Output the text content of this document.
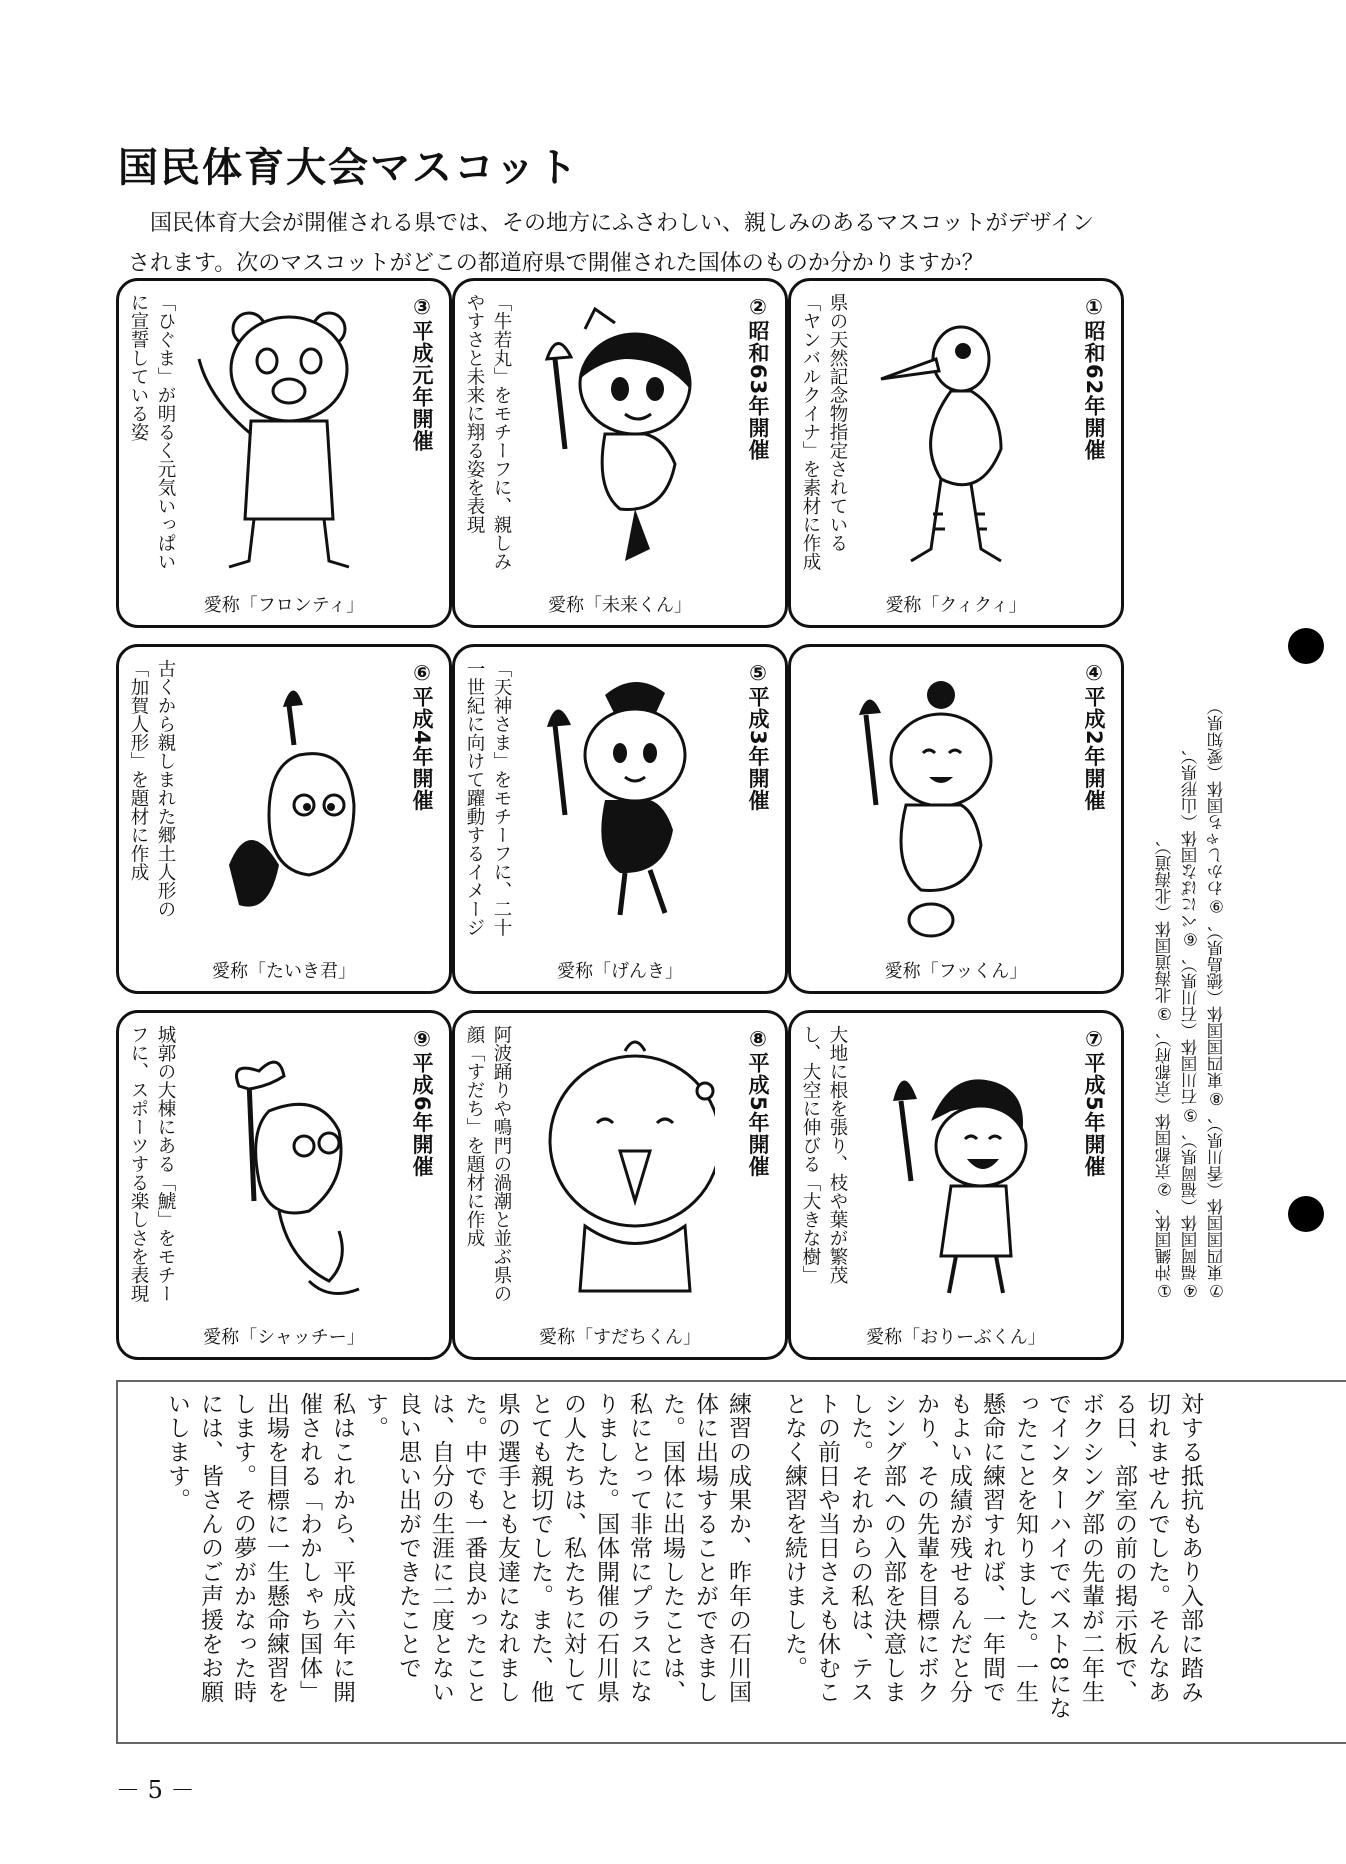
国民体育大会マスコット

国民体育大会が開催される県では、その地方にふさわしい、親しみのあるマスコットがデザイン

されます。次のマスコットがどこの都道府県で開催された国体のものか分かりますか？

①昭和62年開催
県の天然記念物指定されている「ヤンバルクイナ」を素材に作成
愛称「クィクィ」
②昭和63年開催
「牛若丸」をモチーフに、親しみやすさと未来に翔る姿を表現
愛称「未来くん」
③平成元年開催
「ひぐま」が明るく元気いっぱいに宣誓している姿
愛称「フロンティ」
④平成2年開催
愛称「フッくん」
⑤平成3年開催
「天神さま」をモチーフに、二十一世紀に向けて躍動するイメージ
愛称「げんき」
⑥平成4年開催
古くから親しまれた郷土人形の「加賀人形」を題材に作成
愛称「たいき君」
⑦平成5年開催
大地に根を張り、枝や葉が繁茂し、大空に伸びる「大きな樹」
愛称「おりーぶくん」
⑧平成5年開催
阿波踊りや鳴門の渦潮と並ぶ県の顔「すだち」を題材に作成
愛称「すだちくん」
⑨平成6年開催
城郭の大棟にある「鯱」をモチーフに、スポーツする楽しさを表現
愛称「シャッチー」
①沖縄国体、②京都国体（京都府）、③北海道国体（北海道）、 ④福岡国体（福岡県）、⑤石川国体（石川県）、⑥べにばな国体（山形県）、 ⑦東四国国体（香川県）、⑧東四国国体（徳島県）、⑨わかしゃち国体（愛知県）

対する抵抗もあり入部に踏み切れませんでした。そんなある日、部室の前の掲示板で、ボクシング部の先輩が二年生でインターハイでベスト8になったことを知りました。一生懸命に練習すれば、一年間でもよい成績が残せるんだと分かり、その先輩を目標にボクシング部への入部を決意しました。それからの私は、テストの前日や当日さえも休むことなく練習を続けました。

練習の成果か、昨年の石川国体に出場することができました。国体に出場したことは、私にとって非常にプラスになりました。国体開催の石川県の人たちは、私たちに対してとても親切でした。また、他県の選手とも友達になれました。中でも一番良かったことは、自分の生涯に二度とない良い思い出ができたことです。

私はこれから、平成六年に開催される「わかしゃち国体」出場を目標に一生懸命練習をします。その夢がかなった時には、皆さんのご声援をお願いします。

－ 5 －
